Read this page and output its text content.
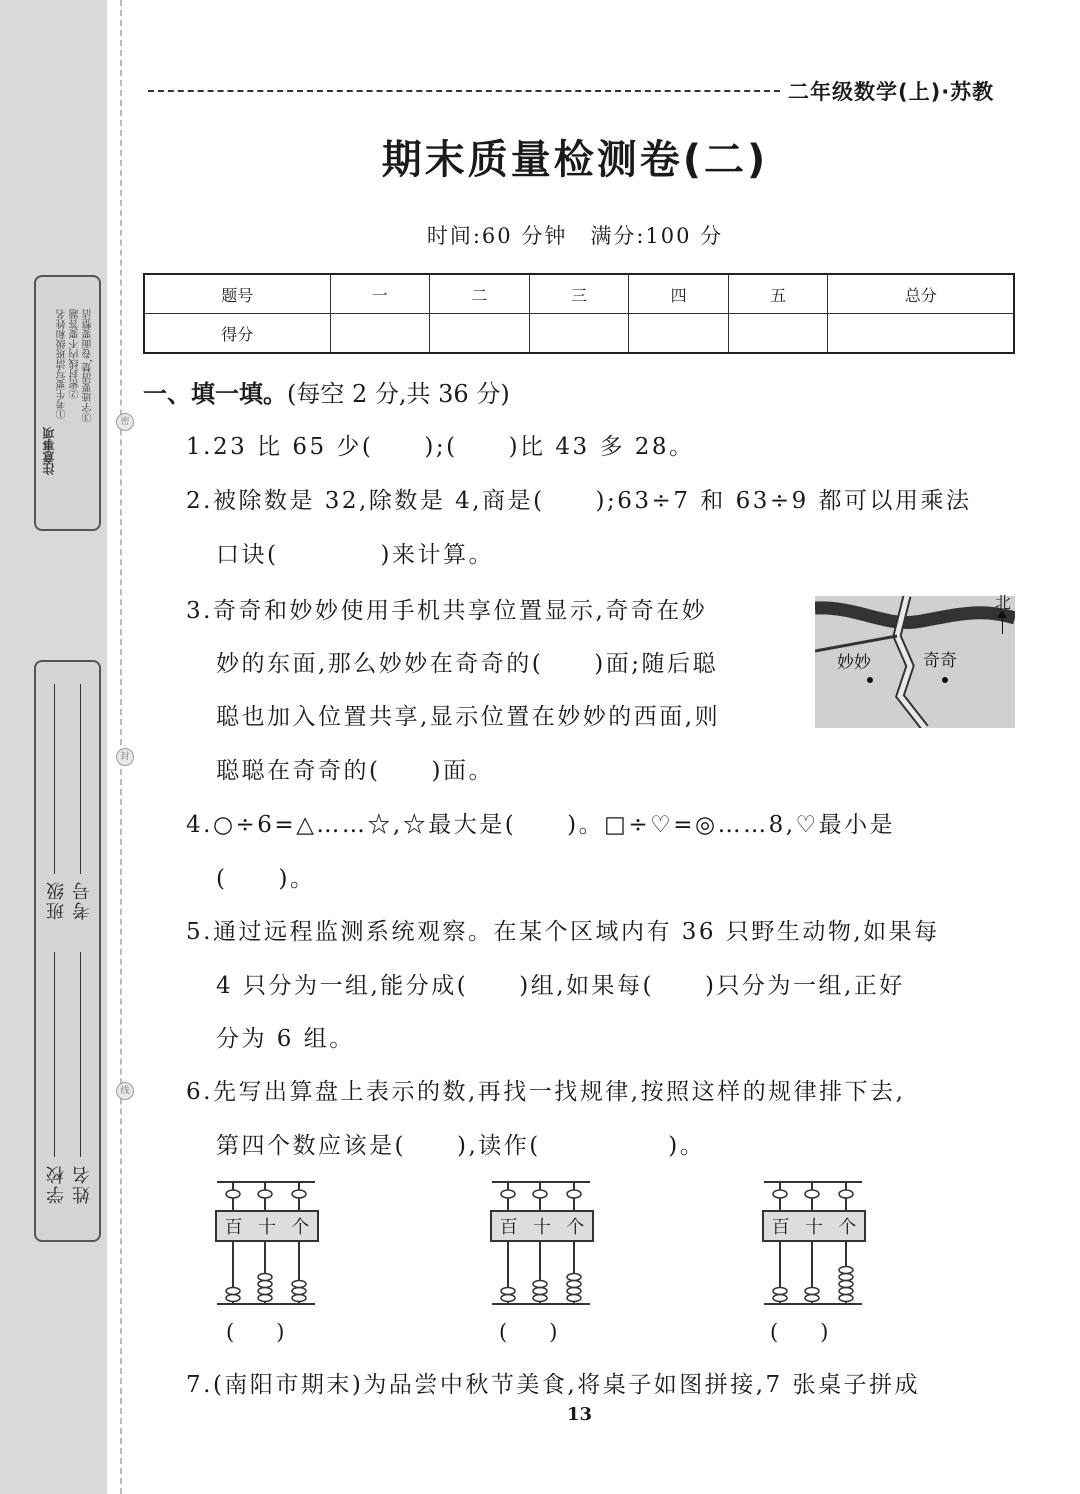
注意事项
①考生要写清班级和姓名 ②密封线内不要答题 ③字迹要清楚,卷面要整洁	密
封
线
班级 考号
学校 姓名
二年级数学(上)·苏教
期末质量检测卷(二)
时间:60 分钟　满分:100 分
题号	一	二	三	四	五	总分
得分						
一、填一填。(每空 2 分,共 36 分)
1.23 比 65 少(　　);(　　)比 43 多 28。
2.被除数是 32,除数是 4,商是(　　);63÷7 和 63÷9 都可以用乘法
口诀(　　　　)来计算。
3.奇奇和妙妙使用手机共享位置显示,奇奇在妙
妙的东面,那么妙妙在奇奇的(　　)面;随后聪
聪也加入位置共享,显示位置在妙妙的西面,则
聪聪在奇奇的(　　)面。
妙妙	奇奇
北
4.○÷6=△……☆,☆最大是(　　)。□÷♡=◎……8,♡最小是
(　　)。
5.通过远程监测系统观察。在某个区域内有 36 只野生动物,如果每
4 只分为一组,能分成(　　)组,如果每(　　)只分为一组,正好
分为 6 组。
6.先写出算盘上表示的数,再找一找规律,按照这样的规律排下去,
第四个数应该是(　　),读作(　　　　　)。
百 十 个	百 十 个	百 十 个
(　　)	(　　)	(　　)
7.(南阳市期末)为品尝中秋节美食,将桌子如图拼接,7 张桌子拼成
13
